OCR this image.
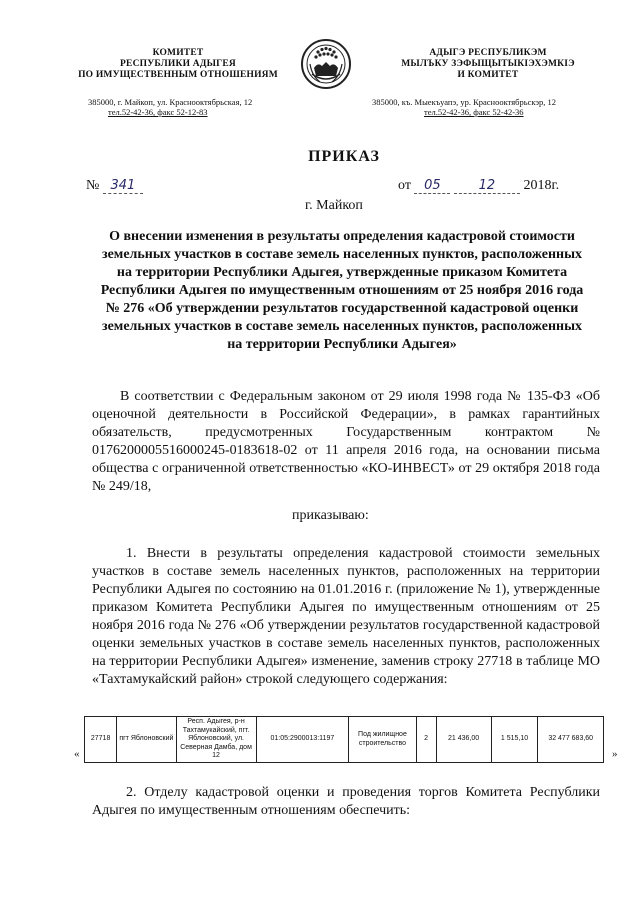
КОМИТЕТ
РЕСПУБЛИКИ АДЫГЕЯ
ПО ИМУЩЕСТВЕННЫМ ОТНОШЕНИЯМ
АДЫГЭ РЕСПУБЛИКЭМ
МЫЛЪКУ ЗЭФЫЩЫТЫКІЭХЭМКІЭ
И КОМИТЕТ
385000, г. Майкоп, ул. Краснооктябрьская, 12
тел.52-42-36, факс 52-12-83
385000, къ. Мыекъуапэ, ур. Краснооктябрьскэр, 12
тел.52-42-36, факс 52-42-36
ПРИКАЗ
№ 341	от 05	12 2018г.
г. Майкоп
О внесении изменения в результаты определения кадастровой стоимости земельных участков в составе земель населенных пунктов, расположенных на территории Республики Адыгея, утвержденные приказом Комитета Республики Адыгея по имущественным отношениям от 25 ноября 2016 года № 276 «Об утверждении результатов государственной кадастровой оценки земельных участков в составе земель населенных пунктов, расположенных на территории Республики Адыгея»
В соответствии с Федеральным законом от 29 июля 1998 года № 135-ФЗ «Об оценочной деятельности в Российской Федерации», в рамках гарантийных обязательств, предусмотренных Государственным контрактом № 0176200005516000245-0183618-02 от 11 апреля 2016 года, на основании письма общества с ограниченной ответственностью «КО-ИНВЕСТ» от 29 октября 2018 года № 249/18,
приказываю:
1. Внести в результаты определения кадастровой стоимости земельных участков в составе земель населенных пунктов, расположенных на территории Республики Адыгея по состоянию на 01.01.2016 г. (приложение № 1), утвержденные приказом Комитета Республики Адыгея по имущественным отношениям от 25 ноября 2016 года № 276 «Об утверждении результатов государственной кадастровой оценки земельных участков в составе земель населенных пунктов, расположенных на территории Республики Адыгея» изменение, заменив строку 27718 в таблице МО «Тахтамукайский район» строкой следующего содержания:
«
27718	пгт Яблоновский	Респ. Адыгея, р-н Тахтамукайский, пгт. Яблоновский, ул. Северная Дамба, дом 12	01:05:2900013:1197	Под жилищное строительство	2	21 436,00	1 515,10	32 477 683,60
»
2. Отделу кадастровой оценки и проведения торгов Комитета Республики Адыгея по имущественным отношениям обеспечить:
